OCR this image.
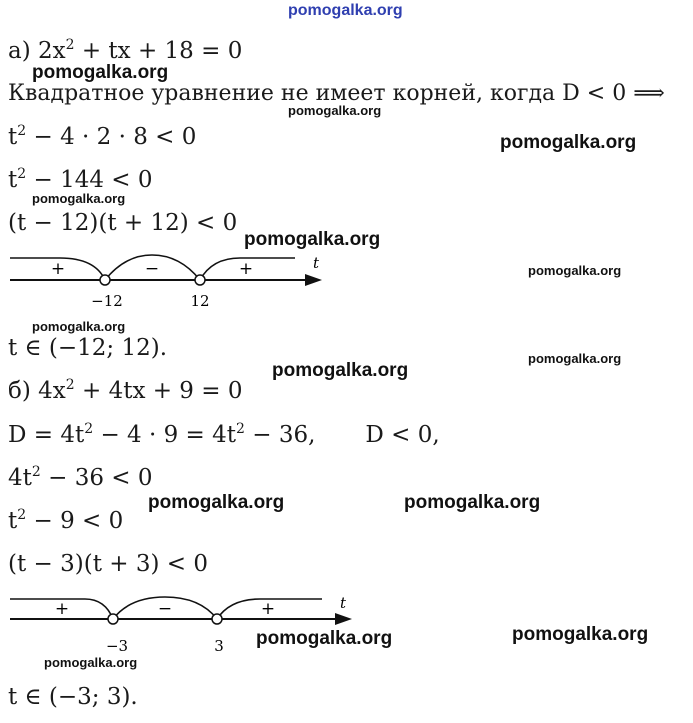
pomogalka.org
pomogalka.org
pomogalka.org
pomogalka.org
pomogalka.org
pomogalka.org
pomogalka.org
pomogalka.org
pomogalka.org
pomogalka.org
pomogalka.org	pomogalka.org
pomogalka.org	pomogalka.org
pomogalka.org
а) $2x^2$ + tx + 18 = 0
Квадратное уравнение не имеет корней, когда D < 0 ⟹
$t^2 - 4 \cdot 2 \cdot 8 < 0$
$t^2 - 144 < 0$
(t − 12)(t + 12) < 0
+	−	+	t
−12	12
t ∈ (−12; 12).
б) $4x^2 + 4tx + 9 = 0$
$D = 4t^2 - 4 \cdot 9 = 4t^2 - 36$, D < 0,
$4t^2 - 36 < 0$
$t^2 - 9 < 0$
(t − 3)(t + 3) < 0
+	−	+	t
−3	3
t ∈ (−3; 3).
